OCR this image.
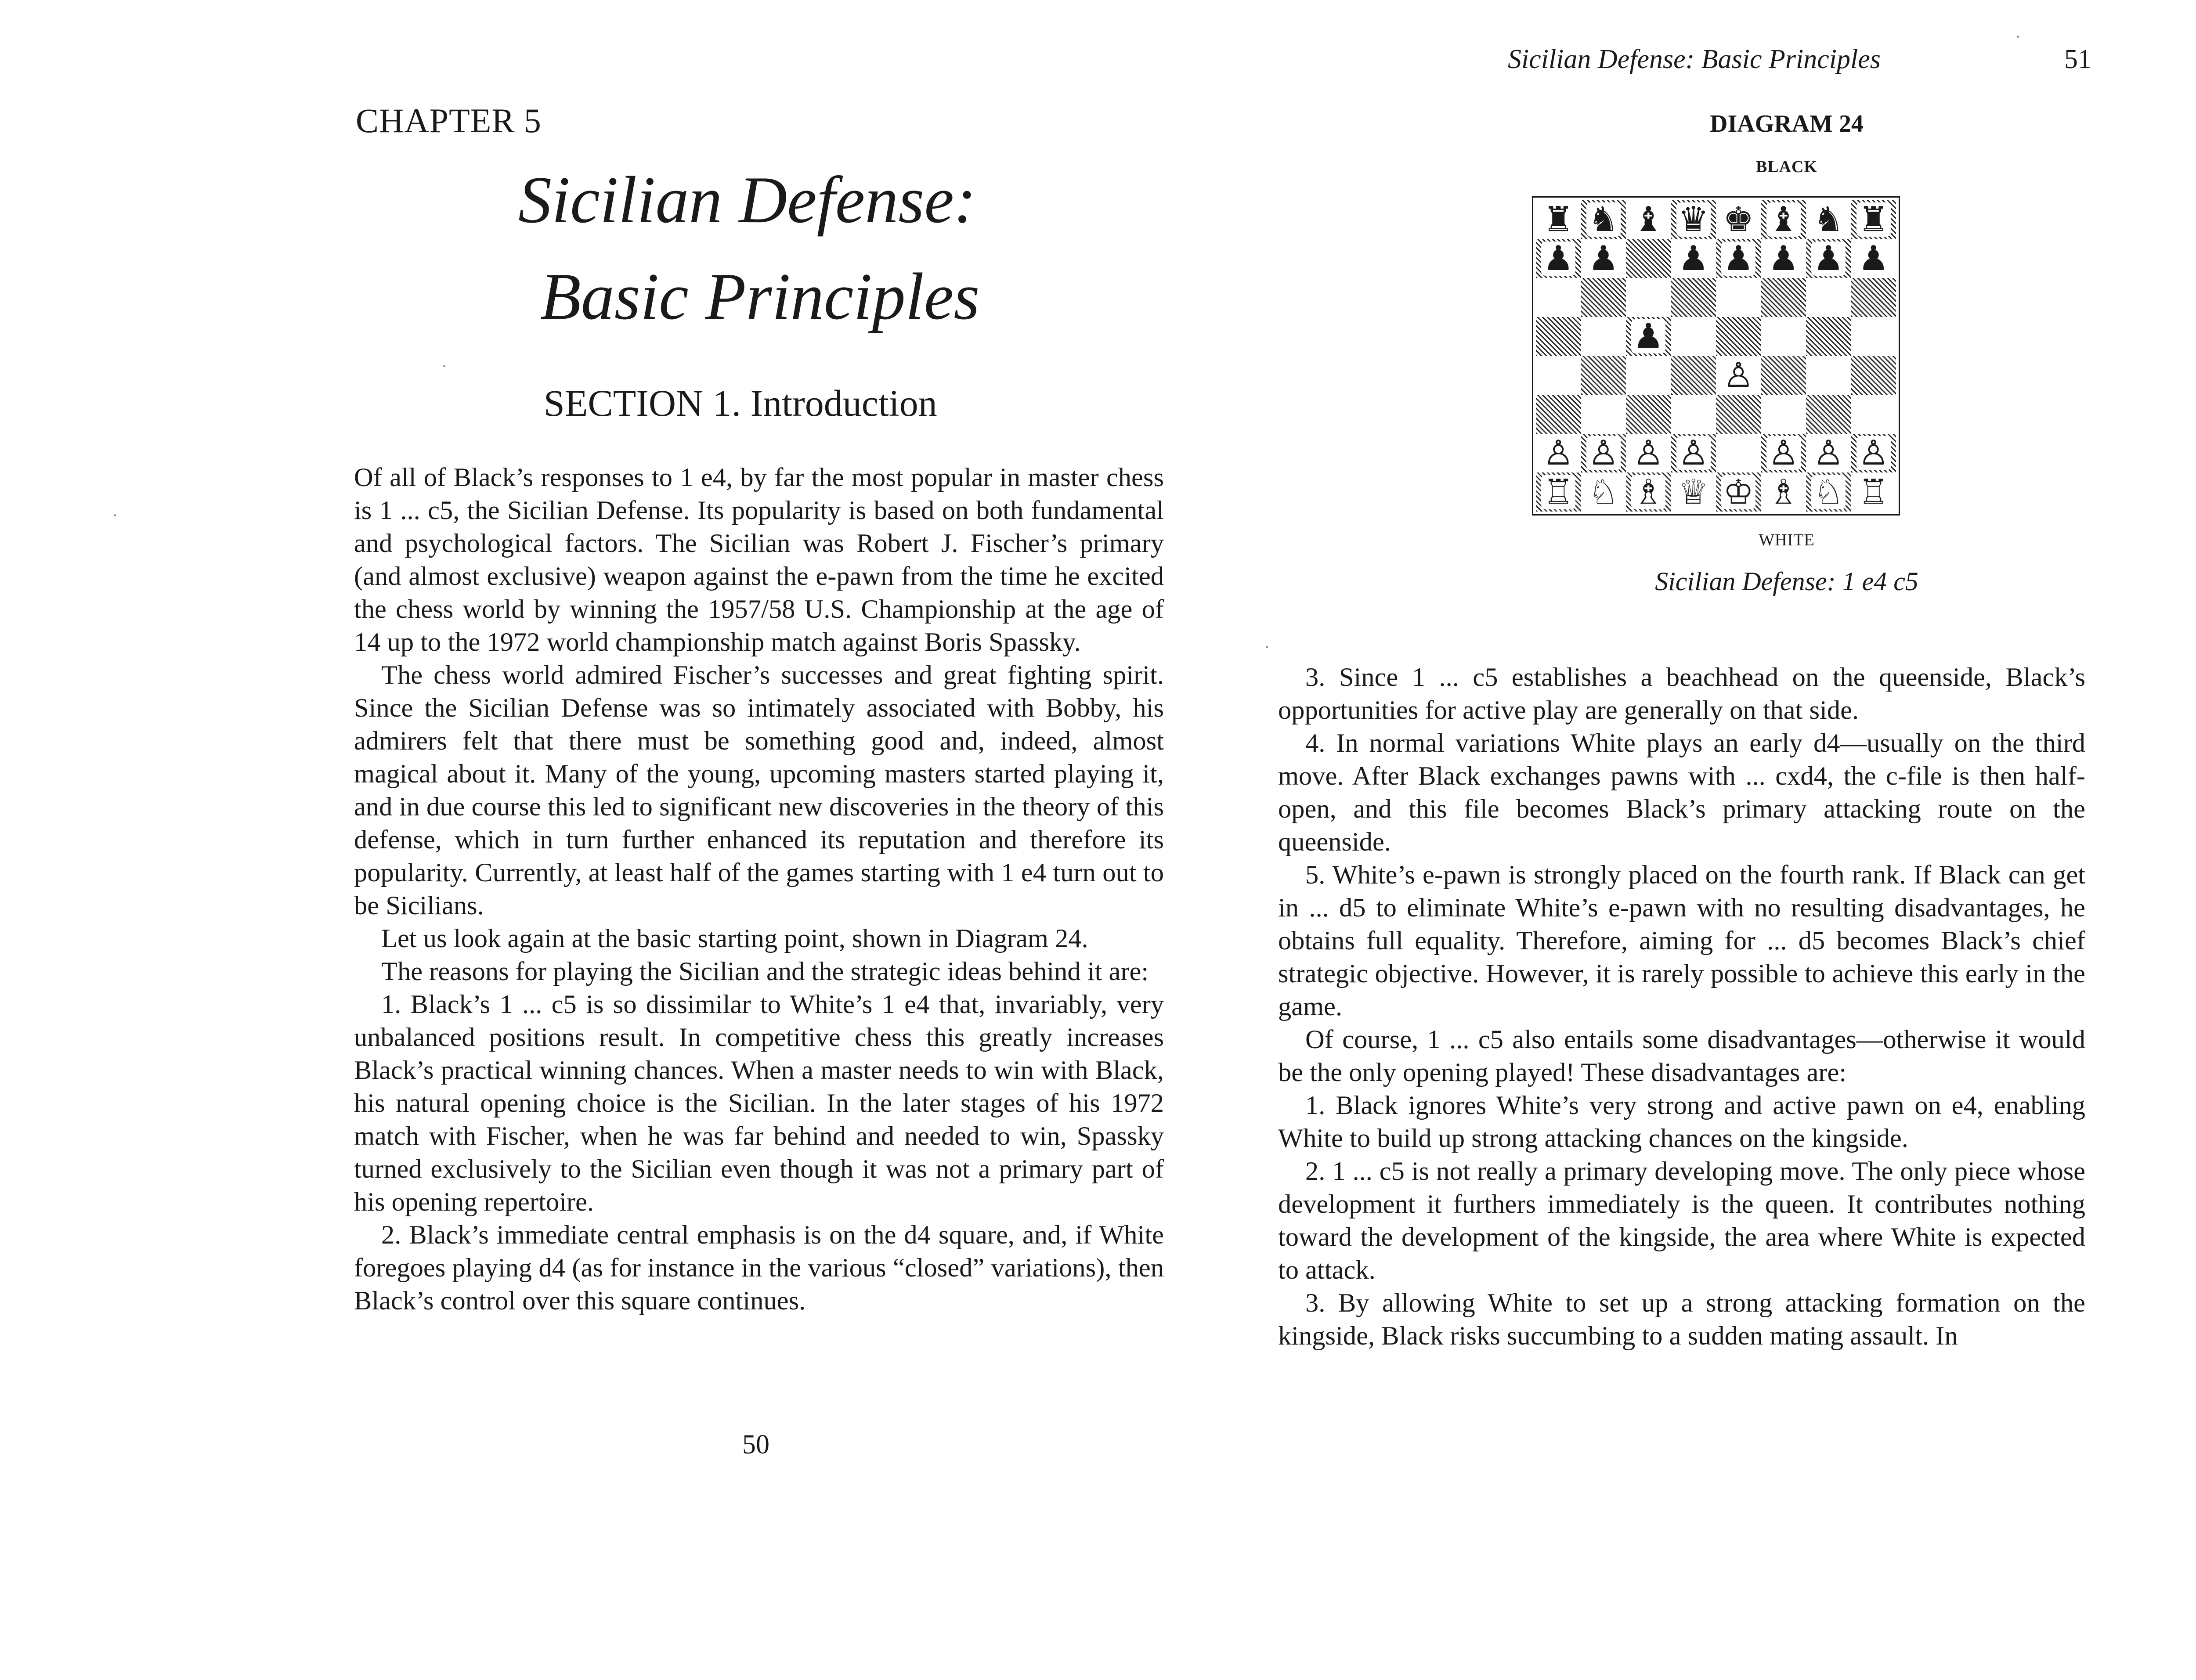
CHAPTER 5
Sicilian Defense:
Basic Principles
SECTION 1. Introduction

Of all of Black’s responses to 1 e4, by far the most popular in master chess is 1 ... c5, the Sicilian Defense. Its popularity is based on both fundamental and psychological factors. The Sicilian was Robert J. Fischer’s primary (and almost exclusive) weapon against the e-pawn from the time he excited the chess world by winning the 1957/58 U.S. Championship at the age of 14 up to the 1972 world championship match against Boris Spassky.

The chess world admired Fischer’s successes and great fighting spirit. Since the Sicilian Defense was so intimately associated with Bobby, his admirers felt that there must be something good and, indeed, almost magical about it. Many of the young, upcoming masters started playing it, and in due course this led to significant new discoveries in the theory of this defense, which in turn further enhanced its reputation and therefore its popularity. Currently, at least half of the games starting with 1 e4 turn out to be Sicilians.

Let us look again at the basic starting point, shown in Diagram 24.

The reasons for playing the Sicilian and the strategic ideas behind it are:

1. Black’s 1 ... c5 is so dissimilar to White’s 1 e4 that, invariably, very unbalanced positions result. In competitive chess this greatly increases Black’s practical winning chances. When a master needs to win with Black, his natural opening choice is the Sicilian. In the later stages of his 1972 match with Fischer, when he was far behind and needed to win, Spassky turned exclusively to the Sicilian even though it was not a primary part of his opening repertoire.

2. Black’s immediate central emphasis is on the d4 square, and, if White foregoes playing d4 (as for instance in the various “closed” variations), then Black’s control over this square continues.

50
·
·
Sicilian Defense: Basic Principles	51
DIAGRAM 24
BLACK
♜ ♞ ♝ ♛ ♚ ♝ ♞ ♜
♟ ♟ ♟ ♟ ♟ ♟ ♟
♟
♙
♙ ♙ ♙ ♙ ♙ ♙ ♙
♖ ♘ ♗ ♕ ♔ ♗ ♘ ♖
WHITE
Sicilian Defense: 1 e4 c5

3. Since 1 ... c5 establishes a beachhead on the queenside, Black’s opportunities for active play are generally on that side.

4. In normal variations White plays an early d4—usually on the third move. After Black exchanges pawns with ... cxd4, the c-file is then half-open, and this file becomes Black’s primary attacking route on the queenside.

5. White’s e-pawn is strongly placed on the fourth rank. If Black can get in ... d5 to eliminate White’s e-pawn with no resulting disadvantages, he obtains full equality. Therefore, aiming for ... d5 becomes Black’s chief strategic objective. However, it is rarely possible to achieve this early in the game.

Of course, 1 ... c5 also entails some disadvantages—otherwise it would be the only opening played! These disadvantages are:

1. Black ignores White’s very strong and active pawn on e4, enabling White to build up strong attacking chances on the kingside.

2. 1 ... c5 is not really a primary developing move. The only piece whose development it furthers immediately is the queen. It contributes nothing toward the development of the kingside, the area where White is expected to attack.

3. By allowing White to set up a strong attacking formation on the kingside, Black risks succumbing to a sudden mating assault. In

·
·
